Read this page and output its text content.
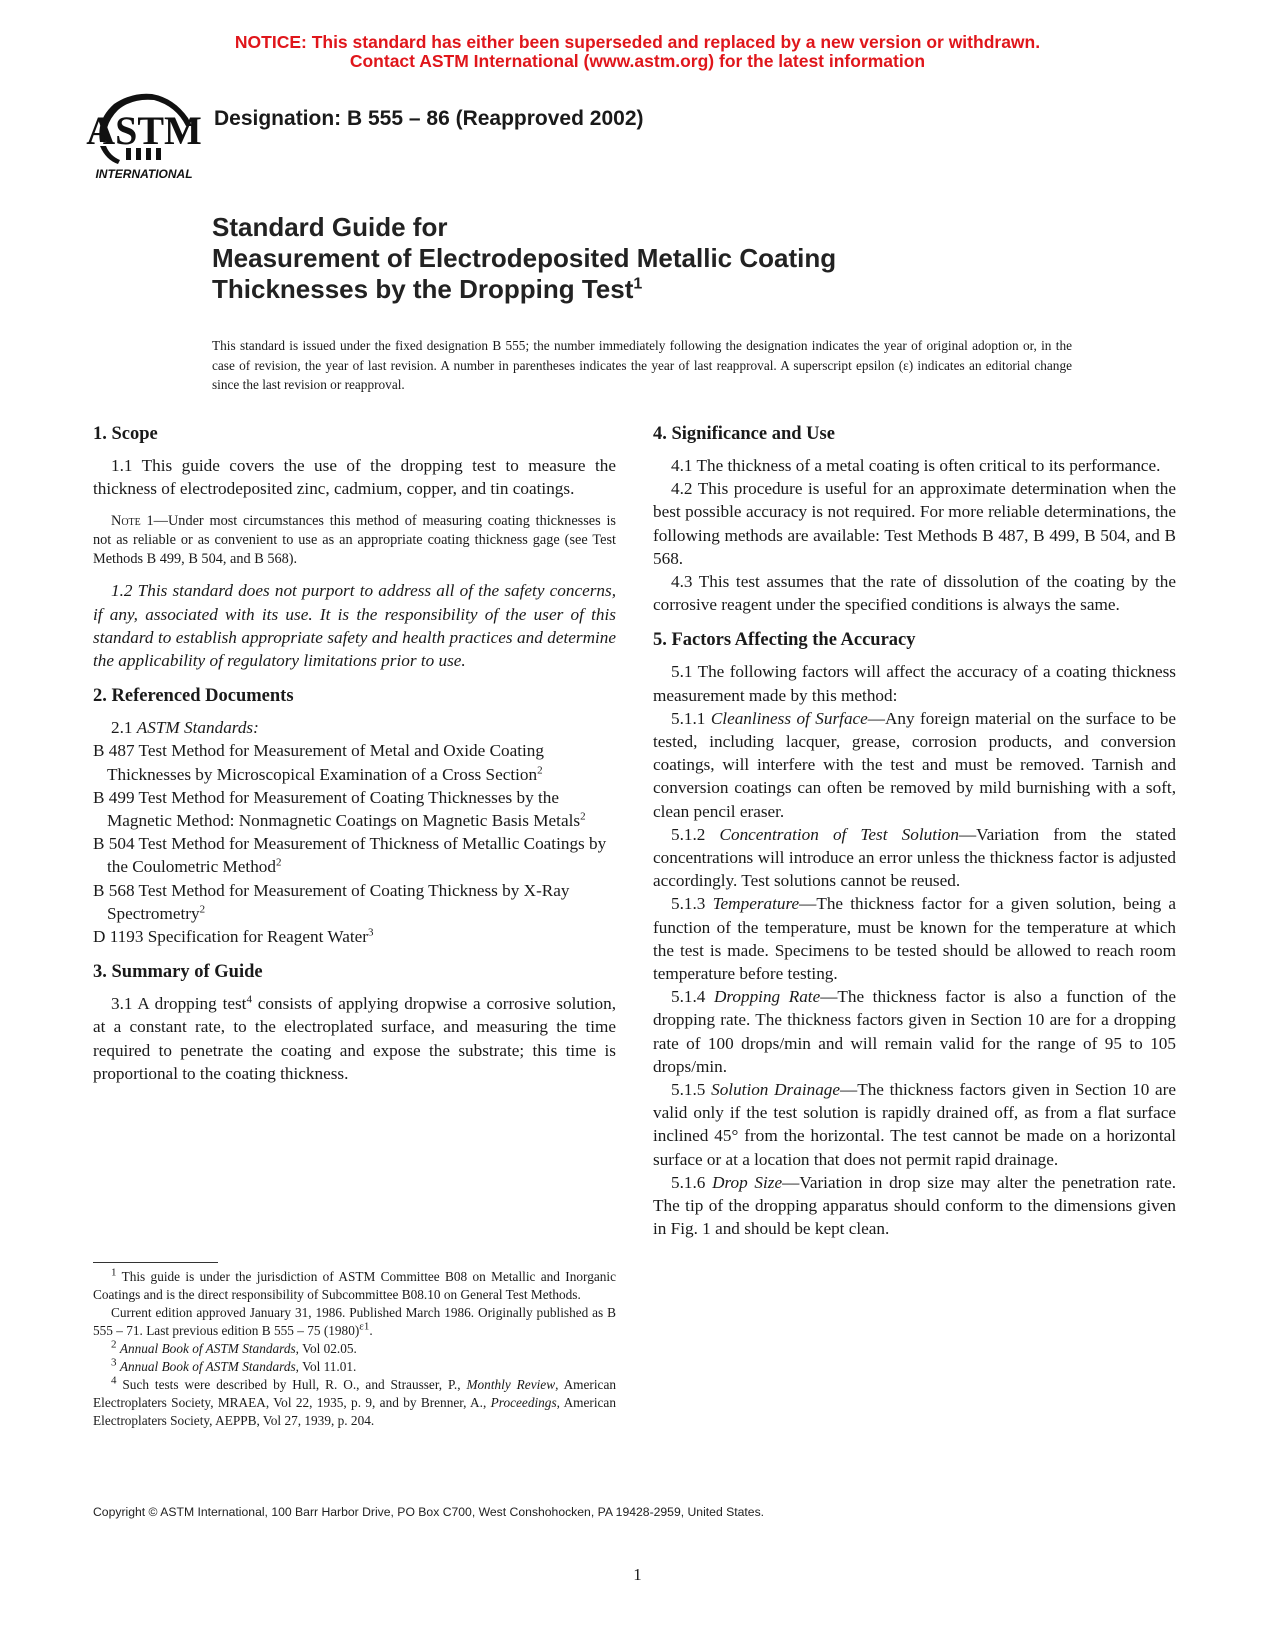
NOTICE: This standard has either been superseded and replaced by a new version or withdrawn.
Contact ASTM International (www.astm.org) for the latest information
ASTM
INTERNATIONAL
Designation: B 555 – 86 (Reapproved 2002)
Standard Guide for
Measurement of Electrodeposited Metallic Coating
Thicknesses by the Dropping Test$^1$
This standard is issued under the fixed designation B 555; the number immediately following the designation indicates the year of original adoption or, in the case of revision, the year of last revision. A number in parentheses indicates the year of last reapproval. A superscript epsilon (ε) indicates an editorial change since the last revision or reapproval.
1. Scope

1.1 This guide covers the use of the dropping test to measure the thickness of electrodeposited zinc, cadmium, copper, and tin coatings.

Note 1—Under most circumstances this method of measuring coating thicknesses is not as reliable or as convenient to use as an appropriate coating thickness gage (see Test Methods B 499, B 504, and B 568).

1.2 This standard does not purport to address all of the safety concerns, if any, associated with its use. It is the responsibility of the user of this standard to establish appropriate safety and health practices and determine the applicability of regulatory limitations prior to use.

2. Referenced Documents

2.1 ASTM Standards:

B 487 Test Method for Measurement of Metal and Oxide Coating Thicknesses by Microscopical Examination of a Cross Section$^2$

B 499 Test Method for Measurement of Coating Thicknesses by the Magnetic Method: Nonmagnetic Coatings on Magnetic Basis Metals$^2$

B 504 Test Method for Measurement of Thickness of Metallic Coatings by the Coulometric Method$^2$

B 568 Test Method for Measurement of Coating Thickness by X-Ray Spectrometry$^2$

D 1193 Specification for Reagent Water$^3$

3. Summary of Guide

3.1 A dropping test$^4$ consists of applying dropwise a corrosive solution, at a constant rate, to the electroplated surface, and measuring the time required to penetrate the coating and expose the substrate; this time is proportional to the coating thickness.

4. Significance and Use

4.1 The thickness of a metal coating is often critical to its performance.

4.2 This procedure is useful for an approximate determination when the best possible accuracy is not required. For more reliable determinations, the following methods are available: Test Methods B 487, B 499, B 504, and B 568.

4.3 This test assumes that the rate of dissolution of the coating by the corrosive reagent under the specified conditions is always the same.

5. Factors Affecting the Accuracy

5.1 The following factors will affect the accuracy of a coating thickness measurement made by this method:

5.1.1 Cleanliness of Surface—Any foreign material on the surface to be tested, including lacquer, grease, corrosion products, and conversion coatings, will interfere with the test and must be removed. Tarnish and conversion coatings can often be removed by mild burnishing with a soft, clean pencil eraser.

5.1.2 Concentration of Test Solution—Variation from the stated concentrations will introduce an error unless the thickness factor is adjusted accordingly. Test solutions cannot be reused.

5.1.3 Temperature—The thickness factor for a given solution, being a function of the temperature, must be known for the temperature at which the test is made. Specimens to be tested should be allowed to reach room temperature before testing.

5.1.4 Dropping Rate—The thickness factor is also a function of the dropping rate. The thickness factors given in Section 10 are for a dropping rate of 100 drops/min and will remain valid for the range of 95 to 105 drops/min.

5.1.5 Solution Drainage—The thickness factors given in Section 10 are valid only if the test solution is rapidly drained off, as from a flat surface inclined 45° from the horizontal. The test cannot be made on a horizontal surface or at a location that does not permit rapid drainage.

5.1.6 Drop Size—Variation in drop size may alter the penetration rate. The tip of the dropping apparatus should conform to the dimensions given in Fig. 1 and should be kept clean.

$^1$ This guide is under the jurisdiction of ASTM Committee B08 on Metallic and Inorganic Coatings and is the direct responsibility of Subcommittee B08.10 on General Test Methods.

Current edition approved January 31, 1986. Published March 1986. Originally published as B 555 – 71. Last previous edition B 555 – 75 $(1980)^{\varepsilon 1}$.

$^2$ Annual Book of ASTM Standards, Vol 02.05.

$^3$ Annual Book of ASTM Standards, Vol 11.01.

$^4$ Such tests were described by Hull, R. O., and Strausser, P., Monthly Review, American Electroplaters Society, MRAEA, Vol 22, 1935, p. 9, and by Brenner, A., Proceedings, American Electroplaters Society, AEPPB, Vol 27, 1939, p. 204.

Copyright © ASTM International, 100 Barr Harbor Drive, PO Box C700, West Conshohocken, PA 19428-2959, United States.
1
